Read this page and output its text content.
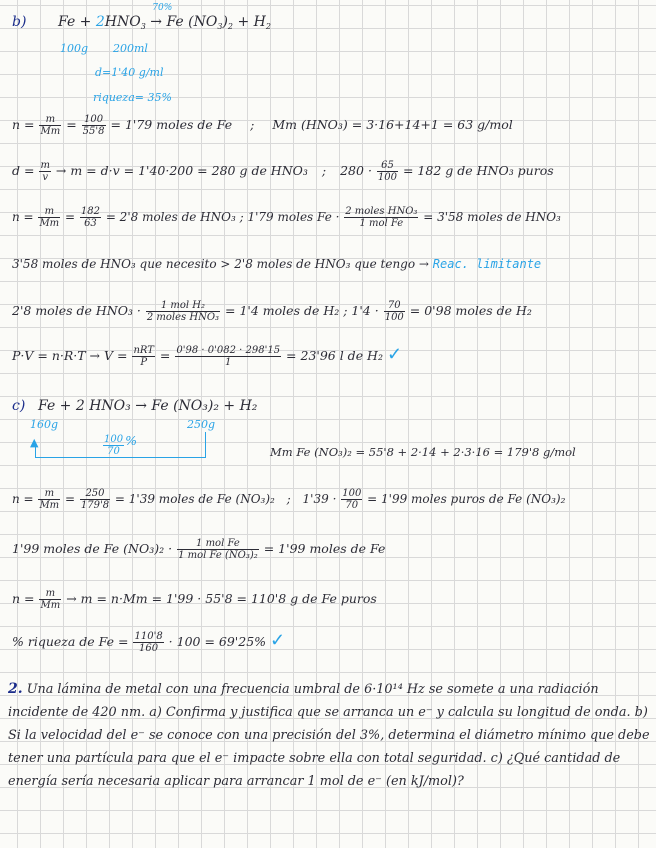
b) $Fe + 2HNO_3$
70%
→ Fe $(NO_3)_2 + H_2$
100g 200ml
d=1'40 g/ml
riqueza= 35%
$n = \frac{m}{Mm} = \frac{100}{55'8} = 1'79$ moles de Fe ; Mm (HNO₃) = 3·16+14+1 = 63 g/mol
$d = \frac{m}{v} \to m = d\cdot v = 1'40\cdot 200 = 280$ g de HNO₃ ; $280 \cdot \frac{65}{100} = 182$ g de HNO₃ puros
$n = \frac{m}{Mm} = \frac{182}{63} = 2'8$ moles de HNO₃ ; 1'79 moles $Fe \cdot \frac{\text{2 moles HNO₃}}{\text{1 mol Fe}} = 3'58$ moles de HNO₃
3'58 moles de HNO₃ que necesito > 2'8 moles de HNO₃ que tengo → Reac. limitante
2'8 moles de $HNO_3 \cdot \frac{\text{1 mol H₂}}{\text{2 moles HNO₃}} = 1'4$ moles de H₂ ; $1'4 \cdot \frac{70}{100} = 0'98$ moles de H₂
$P\cdot V = n\cdot R\cdot T \to V = \frac{\text{nRT}}{P} = \frac{0'98 \cdot 0'082 \cdot 298'15}{1} = 23'96$ l de H₂ ✓
c) Fe + 2 HNO₃ → Fe (NO₃)₂ + H₂
160g	250g
▲	$\frac{100}{70}$ %
Mm Fe (NO₃)₂ = 55'8 + 2·14 + 2·3·16 = 179'8 g/mol
$n = \frac{m}{Mm} = \frac{250}{179'8} = 1'39$ moles de Fe (NO₃)₂ ; $1'39 \cdot \frac{100}{70} = 1'99$ moles puros de Fe (NO₃)₂
1'99 moles de Fe $(NO_3)_2 \cdot \frac{\text{1 mol Fe}}{\text{1 mol Fe (NO₃)₂}} = 1'99$ moles de Fe
$n = \frac{m}{Mm} \to m = n\cdot Mm = 1'99 \cdot 55'8 = 110'8$ g de Fe puros
% riqueza de $Fe = \frac{110'8}{160} \cdot 100 = 69'25\%$ ✓
2. Una lámina de metal con una frecuencia umbral de 6·10¹⁴ Hz se somete a una radiación incidente de 420 nm. a) Confirma y justifica que se arranca un e⁻ y calcula su longitud de onda. b) Si la velocidad del e⁻ se conoce con una precisión del 3%, determina el diámetro mínimo que debe tener una partícula para que el e⁻ impacte sobre ella con total seguridad. c) ¿Qué cantidad de energía sería necesaria aplicar para arrancar 1 mol de e⁻ (en kJ/mol)?
